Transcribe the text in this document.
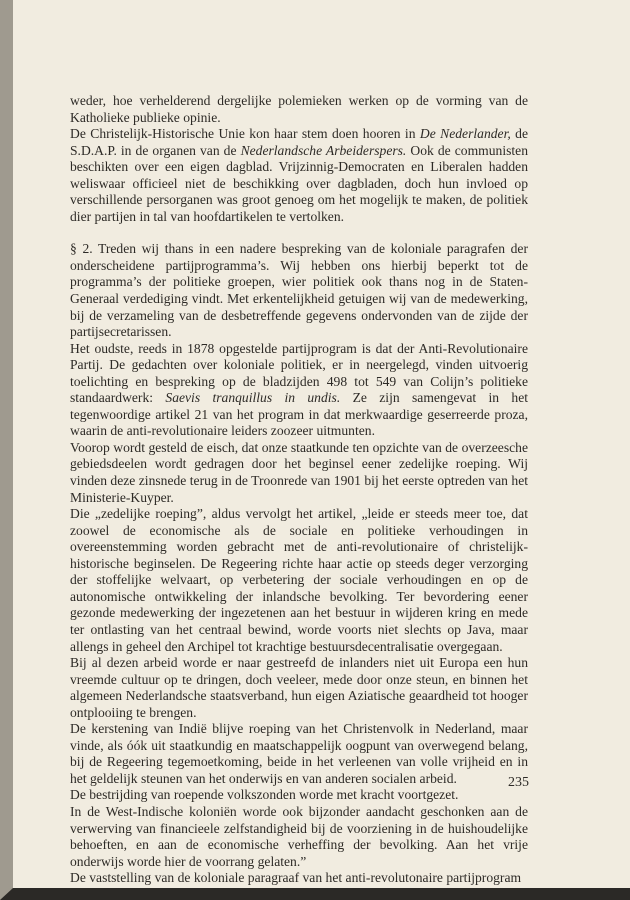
weder, hoe verhelderend dergelijke polemieken werken op de vorming van de Katholieke publieke opinie.

De Christelijk-Historische Unie kon haar stem doen hooren in De Nederlander, de S.D.A.P. in de organen van de Nederlandsche Arbeiderspers. Ook de communisten beschikten over een eigen dagblad. Vrijzinnig-Democraten en Liberalen hadden weliswaar officieel niet de beschikking over dagbladen, doch hun invloed op verschillende persorganen was groot genoeg om het mogelijk te maken, de politiek dier partijen in tal van hoofdartikelen te vertolken.

§ 2. Treden wij thans in een nadere bespreking van de koloniale paragrafen der onderscheidene partijprogramma’s. Wij hebben ons hierbij beperkt tot de programma’s der politieke groepen, wier politiek ook thans nog in de Staten-Generaal verdediging vindt. Met erkentelijkheid getuigen wij van de medewerking, bij de verzameling van de desbetreffende gegevens ondervonden van de zijde der partijsecretarissen.

Het oudste, reeds in 1878 opgestelde partijprogram is dat der Anti-Revolutionaire Partij. De gedachten over koloniale politiek, er in neergelegd, vinden uitvoerig toelichting en bespreking op de bladzijden 498 tot 549 van Colijn’s politieke standaardwerk: Saevis tranquillus in undis. Ze zijn samengevat in het tegenwoordige artikel 21 van het program in dat merkwaardige geserreerde proza, waarin de anti-revolutionaire leiders zoozeer uitmunten.

Voorop wordt gesteld de eisch, dat onze staatkunde ten opzichte van de overzeesche gebiedsdeelen wordt gedragen door het beginsel eener zedelijke roeping. Wij vinden deze zinsnede terug in de Troonrede van 1901 bij het eerste optreden van het Ministerie-Kuyper.

Die „zedelijke roeping”, aldus vervolgt het artikel, „leide er steeds meer toe, dat zoowel de economische als de sociale en politieke verhoudingen in overeenstemming worden gebracht met de anti-revolutionaire of christelijk-historische beginselen. De Regeering richte haar actie op steeds deger verzorging der stoffelijke welvaart, op verbetering der sociale verhoudingen en op de autonomische ontwikkeling der inlandsche bevolking. Ter bevordering eener gezonde medewerking der ingezetenen aan het bestuur in wijderen kring en mede ter ontlasting van het centraal bewind, worde voorts niet slechts op Java, maar allengs in geheel den Archipel tot krachtige bestuursdecentralisatie overgegaan.

Bij al dezen arbeid worde er naar gestreefd de inlanders niet uit Europa een hun vreemde cultuur op te dringen, doch veeleer, mede door onze steun, en binnen het algemeen Nederlandsche staatsverband, hun eigen Aziatische geaardheid tot hooger ontplooiing te brengen.

De kerstening van Indië blijve roeping van het Christenvolk in Nederland, maar vinde, als óók uit staatkundig en maatschappelijk oogpunt van overwegend belang, bij de Regeering tegemoetkoming, beide in het verleenen van volle vrijheid en in het geldelijk steunen van het onderwijs en van anderen socialen arbeid.

De bestrijding van roepende volkszonden worde met kracht voortgezet.

In de West-Indische koloniën worde ook bijzonder aandacht geschonken aan de verwerving van financieele zelfstandigheid bij de voorziening in de huishoudelijke behoeften, en aan de economische verheffing der bevolking. Aan het vrije onderwijs worde hier de voorrang gelaten.”

De vaststelling van de koloniale paragraaf van het anti-revolutonaire partijprogram

235
